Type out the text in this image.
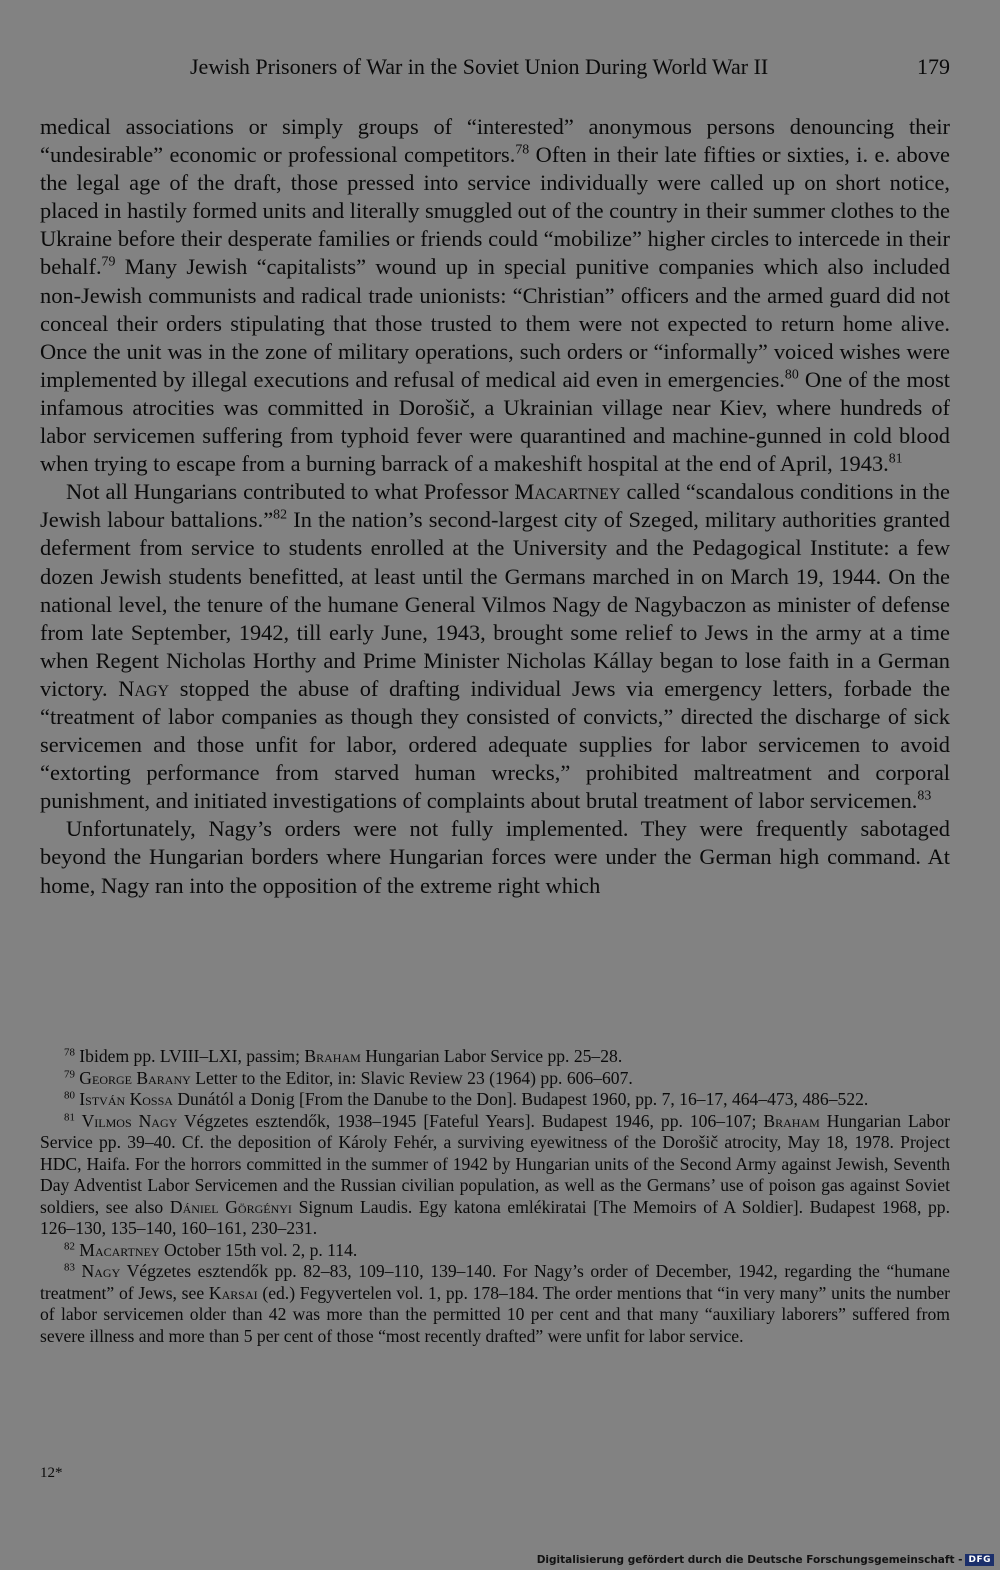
Jewish Prisoners of War in the Soviet Union During World War II	179

medical associations or simply groups of “interested” anonymous persons denouncing their “undesirable” economic or professional competitors.$^{78}$ Often in their late fifties or sixties, i. e. above the legal age of the draft, those pressed into service individually were called up on short notice, placed in hastily formed units and literally smuggled out of the country in their summer clothes to the Ukraine before their desperate families or friends could “mobilize” higher circles to intercede in their behalf.$^{79}$ Many Jewish “capitalists” wound up in special punitive companies which also included non-Jewish communists and radical trade unionists: “Christian” officers and the armed guard did not conceal their orders stipulating that those trusted to them were not expected to return home alive. Once the unit was in the zone of military operations, such orders or “informally” voiced wishes were implemented by illegal executions and refusal of medical aid even in emergencies.$^{80}$ One of the most infamous atrocities was committed in Dorošič, a Ukrainian village near Kiev, where hundreds of labor servicemen suffering from typhoid fever were quarantined and machine-gunned in cold blood when trying to escape from a burning barrack of a makeshift hospital at the end of April, 1943.81

Not all Hungarians contributed to what Professor Macartney called “scandalous conditions in the Jewish labour battalions.”$^{82}$ In the nation’s second-largest city of Szeged, military authorities granted deferment from service to students enrolled at the University and the Pedagogical Institute: a few dozen Jewish students benefitted, at least until the Germans marched in on March 19, 1944. On the national level, the tenure of the humane General Vilmos Nagy de Nagybaczon as minister of defense from late September, 1942, till early June, 1943, brought some relief to Jews in the army at a time when Regent Nicholas Horthy and Prime Minister Nicholas Kállay began to lose faith in a German victory. Nagy stopped the abuse of drafting individual Jews via emergency letters, forbade the “treatment of labor companies as though they consisted of convicts,” directed the discharge of sick servicemen and those unfit for labor, ordered adequate supplies for labor servicemen to avoid “extorting performance from starved human wrecks,” prohibited maltreatment and corporal punishment, and initiated investigations of complaints about brutal treatment of labor servicemen.$^{83}$

Unfortunately, Nagy’s orders were not fully implemented. They were frequently sabotaged beyond the Hungarian borders where Hungarian forces were under the German high command. At home, Nagy ran into the opposition of the extreme right which

$^{78}$ Ibidem pp. LVIII–LXI, passim; Braham Hungarian Labor Service pp. 25–28.

$^{79}$ George Barany Letter to the Editor, in: Slavic Review 23 (1964) pp. 606–607.

$^{80}$ István Kossa Dunától a Donig [From the Danube to the Don]. Budapest 1960, pp. 7, 16–17, 464–473, 486–522.

$^{81}$ Vilmos Nagy Végzetes esztendők, 1938–1945 [Fateful Years]. Budapest 1946, pp. 106–107; Braham Hungarian Labor Service pp. 39–40. Cf. the deposition of Károly Fehér, a surviving eyewitness of the Dorošič atrocity, May 18, 1978. Project HDC, Haifa. For the horrors committed in the summer of 1942 by Hungarian units of the Second Army against Jewish, Seventh Day Adventist Labor Servicemen and the Russian civilian population, as well as the Germans’ use of poison gas against Soviet soldiers, see also Dániel Görgényi Signum Laudis. Egy katona emlékiratai [The Memoirs of A Soldier]. Budapest 1968, pp. 126–130, 135–140, 160–161, 230–231.

$^{82}$ Macartney October 15th vol. 2, p. 114.

$^{83}$ Nagy Végzetes esztendők pp. 82–83, 109–110, 139–140. For Nagy’s order of December, 1942, regarding the “humane treatment” of Jews, see Karsai (ed.) Fegyvertelen vol. 1, pp. 178–184. The order mentions that “in very many” units the number of labor servicemen older than 42 was more than the permitted 10 per cent and that many “auxiliary laborers” suffered from severe illness and more than 5 per cent of those “most recently drafted” were unfit for labor service.

12*
Digitalisierung gefördert durch die Deutsche Forschungsgemeinschaft - DFG
